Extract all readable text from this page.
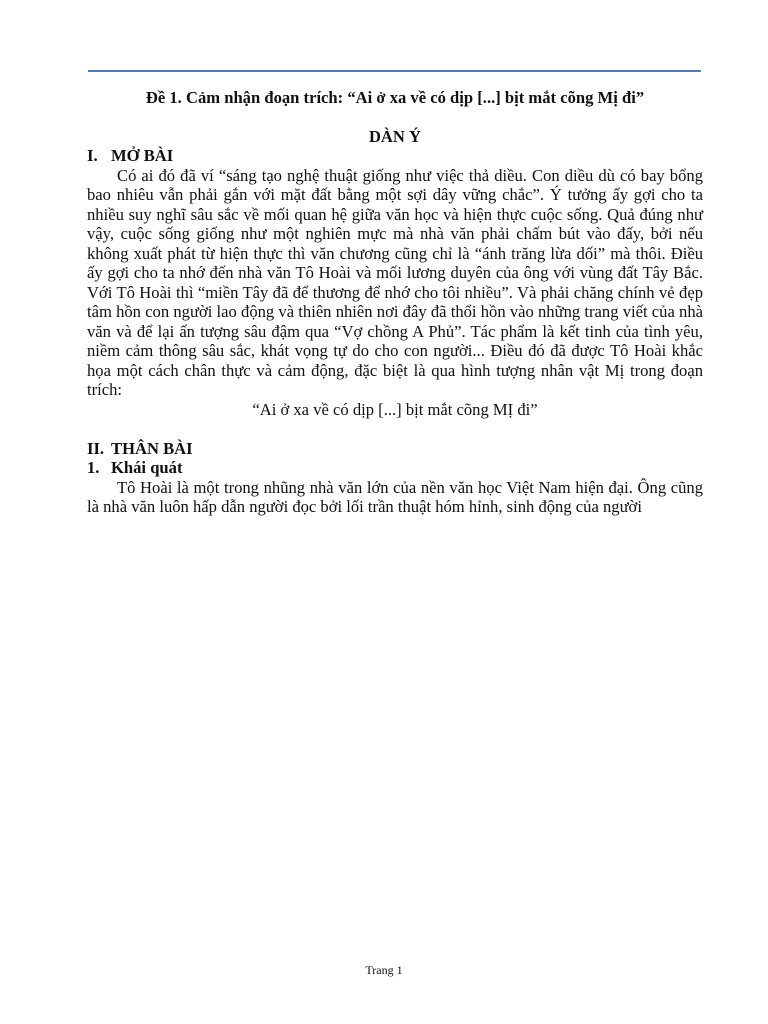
Đề 1. Cảm nhận đoạn trích: “Ai ở xa về có dịp [...] bịt mắt cõng Mị đi”

DÀN Ý

I. MỞ BÀI

Có ai đó đã ví “sáng tạo nghệ thuật giống như việc thả diều. Con diều dù có bay bổng bao nhiêu vẫn phải gắn với mặt đất bằng một sợi dây vững chắc”. Ý tưởng ấy gợi cho ta nhiều suy nghĩ sâu sắc về mối quan hệ giữa văn học và hiện thực cuộc sống. Quả đúng như vậy, cuộc sống giống như một nghiên mực mà nhà văn phải chấm bút vào đấy, bởi nếu không xuất phát từ hiện thực thì văn chương cũng chỉ là “ánh trăng lừa dối” mà thôi. Điều ấy gợi cho ta nhớ đến nhà văn Tô Hoài và mối lương duyên của ông với vùng đất Tây Bắc. Với Tô Hoài thì “miền Tây đã để thương để nhớ cho tôi nhiều”. Và phải chăng chính vẻ đẹp tâm hồn con người lao động và thiên nhiên nơi đây đã thổi hồn vào những trang viết của nhà văn và để lại ấn tượng sâu đậm qua “Vợ chồng A Phủ”. Tác phẩm là kết tinh của tình yêu, niềm cảm thông sâu sắc, khát vọng tự do cho con người... Điều đó đã được Tô Hoài khắc họa một cách chân thực và cảm động, đặc biệt là qua hình tượng nhân vật Mị trong đoạn trích:

“Ai ở xa về có dịp [...] bịt mắt cõng MỊ đi”

II. THÂN BÀI
1. Khái quát

Tô Hoài là một trong nhũng nhà văn lớn của nền văn học Việt Nam hiện đại. Ông cũng là nhà văn luôn hấp dẫn người đọc bởi lối trần thuật hóm hỉnh, sinh động của người

Trang 1
